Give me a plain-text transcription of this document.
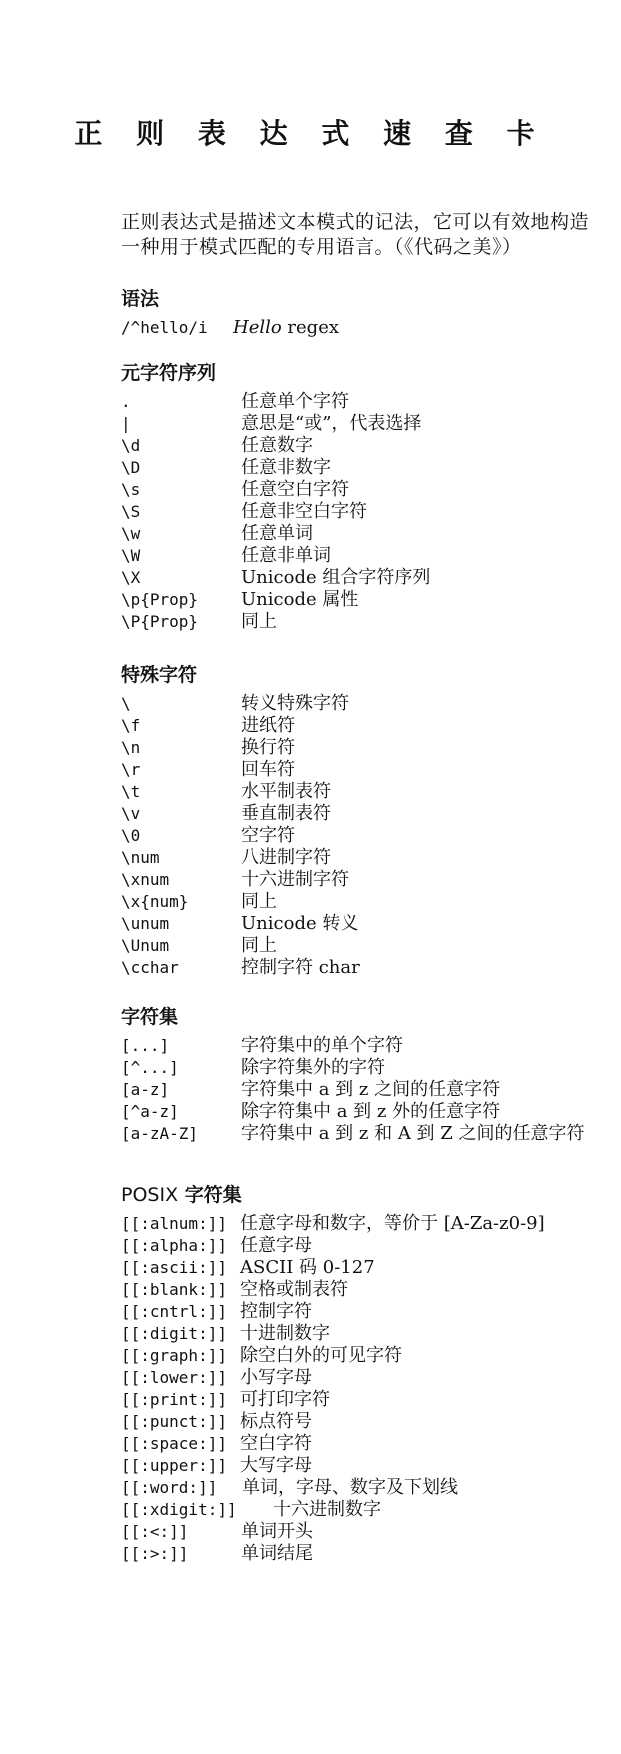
正 则 表 达 式 速 查 卡
正则表达式是描述文本模式的记法，它可以有效地构造一种用于模式匹配的专用语言。（《代码之美》）
语法
/^hello/i Hello regex
元字符序列
.	任意单个字符
|	意思是“或”，代表选择
\d	任意数字
\D	任意非数字
\s	任意空白字符
\S	任意非空白字符
\w	任意单词
\W	任意非单词
\X	Unicode 组合字符序列
\p{Prop} Unicode 属性
\P{Prop} 同上
特殊字符
\	转义特殊字符
\f	进纸符
\n	换行符
\r	回车符
\t	水平制表符
\v	垂直制表符
\0	空字符
\num	八进制字符
\xnum	十六进制字符
\x{num}	同上
\unum	Unicode 转义
\Unum	同上
\cchar	控制字符 char
字符集
[...]	字符集中的单个字符
[^...]	除字符集外的字符
[a-z]	字符集中 a 到 z 之间的任意字符
[^a-z]	除字符集中 a 到 z 外的任意字符
[a-zA-Z] 字符集中 a 到 z 和 A 到 Z 之间的任意字符
POSIX 字符集
[[:alnum:]] 任意字母和数字，等价于 [A-Za-z0-9]
[[:alpha:]] 任意字母
[[:ascii:]] ASCII 码 0-127
[[:blank:]] 空格或制表符
[[:cntrl:]] 控制字符
[[:digit:]] 十进制数字
[[:graph:]] 除空白外的可见字符
[[:lower:]] 小写字母
[[:print:]] 可打印字符
[[:punct:]] 标点符号
[[:space:]] 空白字符
[[:upper:]] 大写字母
[[:word:]] 单词，字母、数字及下划线
[[:xdigit:]] 十六进制数字
[[:<:]]	单词开头
[[:>:]]	单词结尾
